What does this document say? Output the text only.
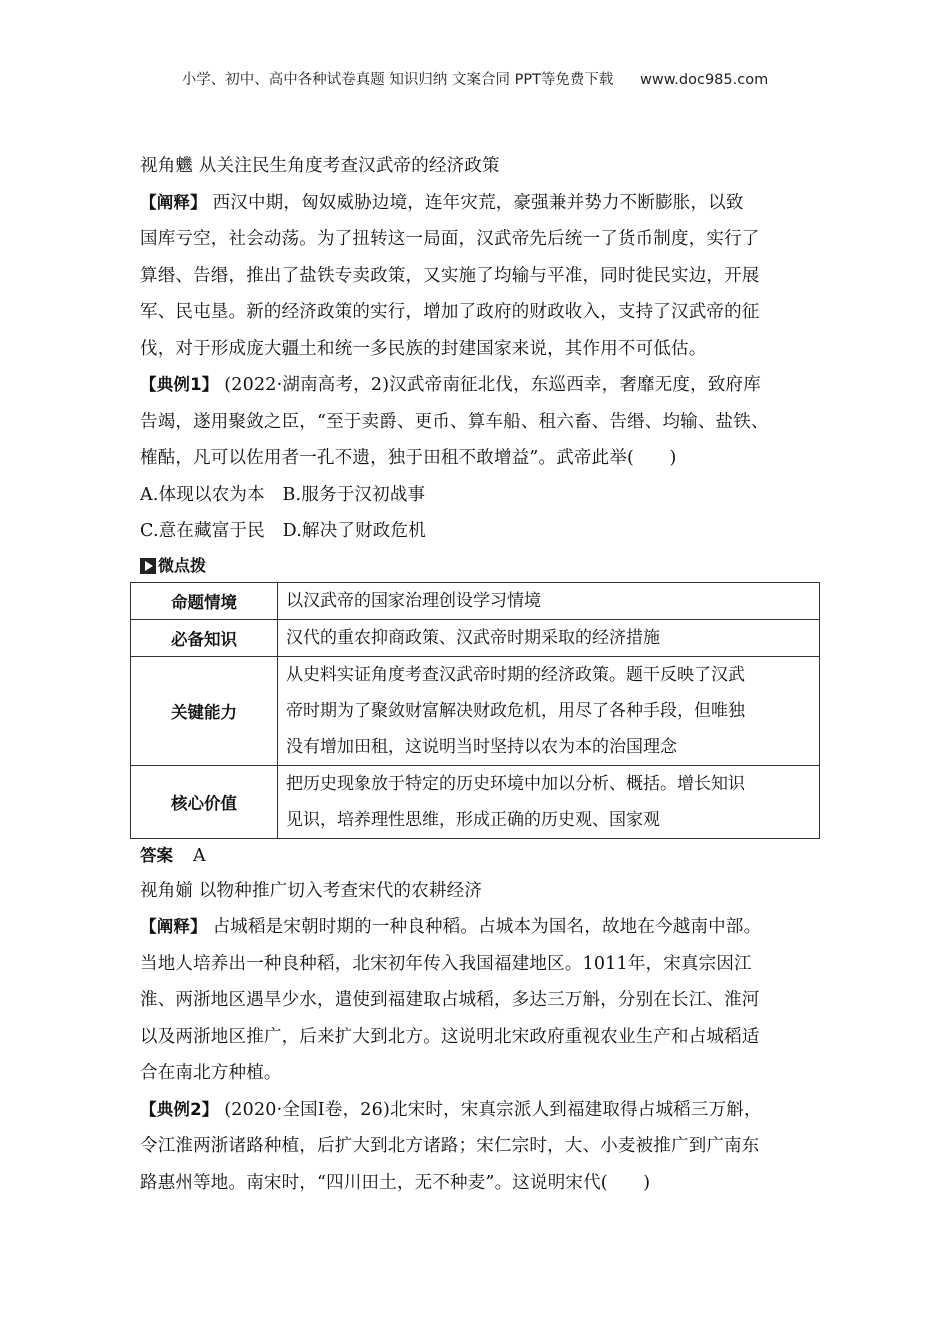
小学、初中、高中各种试卷真题 知识归纳 文案合同 PPT等免费下载 www.doc985.com
视角魕 从关注民生角度考查汉武帝的经济政策
【阐释】 西汉中期，匈奴威胁边境，连年灾荒，豪强兼并势力不断膨胀，以致
国库亏空，社会动荡。为了扭转这一局面，汉武帝先后统一了货币制度，实行了
算缗、告缗，推出了盐铁专卖政策，又实施了均输与平准，同时徙民实边，开展
军、民屯垦。新的经济政策的实行，增加了政府的财政收入，支持了汉武帝的征
伐，对于形成庞大疆土和统一多民族的封建国家来说，其作用不可低估。
【典例1】 (2022·湖南高考，2)汉武帝南征北伐，东巡西幸，奢靡无度，致府库
告竭，遂用聚敛之臣，“至于卖爵、更币、算车船、租六畜、告缗、均输、盐铁、
榷酤，凡可以佐用者一孔不遗，独于田租不敢增益”。武帝此举(　　)
A.体现以农为本　B.服务于汉初战事
C.意在藏富于民　D.解决了财政危机
微点拨
命题情境	以汉武帝的国家治理创设学习情境

必备知识	汉代的重农抑商政策、汉武帝时期采取的经济措施

关键能力	从史料实证角度考查汉武帝时期的经济政策。题干反映了汉武
帝时期为了聚敛财富解决财政危机，用尽了各种手段，但唯独
没有增加田租，这说明当时坚持以农为本的治国理念

核心价值	把历史现象放于特定的历史环境中加以分析、概括。增长知识
见识，培养理性思维，形成正确的历史观、国家观
答案 A
视角媊 以物种推广切入考查宋代的农耕经济
【阐释】 占城稻是宋朝时期的一种良种稻。占城本为国名，故地在今越南中部。
当地人培养出一种良种稻，北宋初年传入我国福建地区。1011年，宋真宗因江
淮、两浙地区遇旱少水，遣使到福建取占城稻，多达三万斛，分别在长江、淮河
以及两浙地区推广，后来扩大到北方。这说明北宋政府重视农业生产和占城稻适
合在南北方种植。
【典例2】 (2020·全国Ⅰ卷，26)北宋时，宋真宗派人到福建取得占城稻三万斛，
令江淮两浙诸路种植，后扩大到北方诸路；宋仁宗时，大、小麦被推广到广南东
路惠州等地。南宋时，“四川田土，无不种麦”。这说明宋代(　　)
